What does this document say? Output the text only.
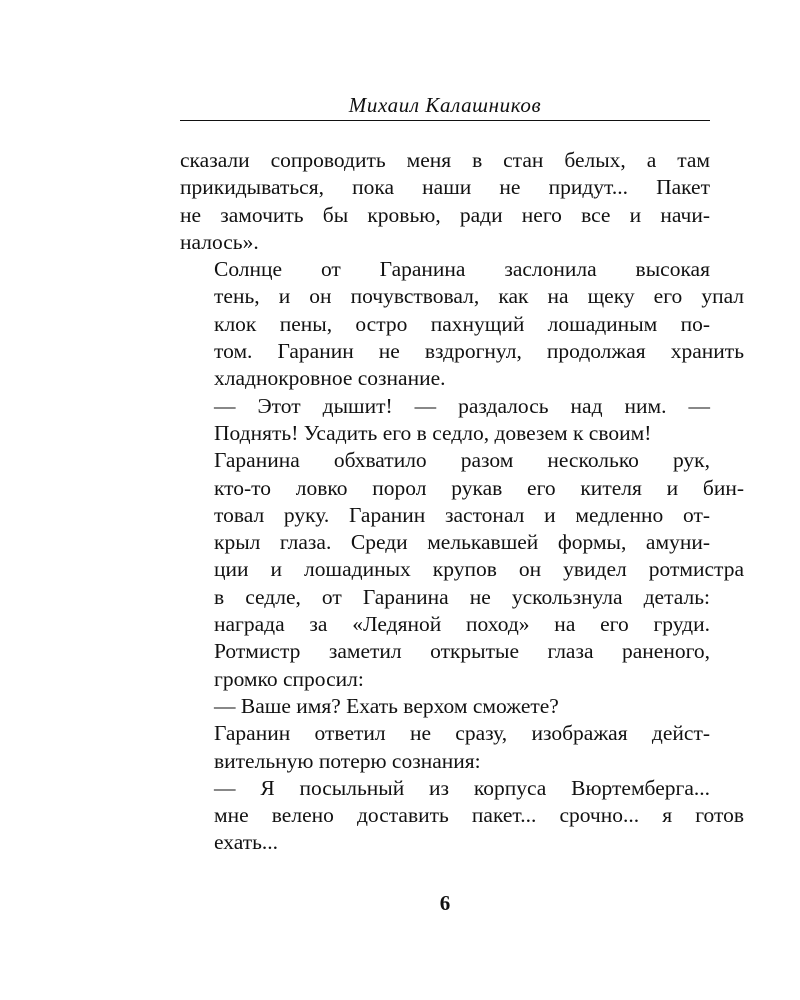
Михаил Калашников

сказали сопроводить меня в стан белых, а там
прикидываться, пока наши не придут... Пакет
не замочить бы кровью, ради него все и начи-
налось».

Солнце от Гаранина заслонила высокая
тень, и он почувствовал, как на щеку его упал
клок пены, остро пахнущий лошадиным по-
том. Гаранин не вздрогнул, продолжая хранить
хладнокровное сознание.

— Этот дышит! — раздалось над ним. —
Поднять! Усадить его в седло, довезем к своим!

Гаранина обхватило разом несколько рук,
кто-то ловко порол рукав его кителя и бин-
товал руку. Гаранин застонал и медленно от-
крыл глаза. Среди мелькавшей формы, амуни-
ции и лошадиных крупов он увидел ротмистра
в седле, от Гаранина не ускользнула деталь:
награда за «Ледяной поход» на его груди.
Ротмистр заметил открытые глаза раненого,
громко спросил:

— Ваше имя? Ехать верхом сможете?

Гаранин ответил не сразу, изображая дейст-
вительную потерю сознания:

— Я посыльный из корпуса Вюртемберга...
мне велено доставить пакет... срочно... я готов
ехать...

6
